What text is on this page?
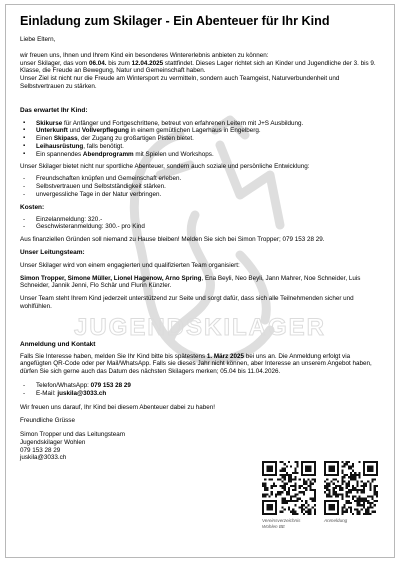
JUGENDSKILAGER
Einladung zum Skilager - Ein Abenteuer für Ihr Kind

Liebe Eltern,

wir freuen uns, Ihnen und Ihrem Kind ein besonderes Wintererlebnis anbieten zu können:

unser Skilager, das vom 06.04. bis zum 12.04.2025 stattfindet. Dieses Lager richtet sich an Kinder und Jugendliche der 3. bis 9. Klasse, die Freude an Bewegung, Natur und Gemeinschaft haben.

Unser Ziel ist nicht nur die Freude am Wintersport zu vermitteln, sondern auch Teamgeist, Naturverbundenheit und Selbstvertrauen zu stärken.

Das erwartet Ihr Kind:

▪ Skikurse für Anfänger und Fortgeschrittene, betreut von erfahrenen Leitern mit J+S Ausbildung.
▪ Unterkunft und Vollverpflegung in einem gemütlichen Lagerhaus in Engelberg.
▪ Einen Skipass, der Zugang zu großartigen Pisten bietet.
▪ Leihausrüstung, falls benötigt.
▪ Ein spannendes Abendprogramm mit Spielen und Workshops.

Unser Skilager bietet nicht nur sportliche Abenteuer, sondern auch soziale und persönliche Entwicklung:

- Freundschaften knüpfen und Gemeinschaft erleben.
- Selbstvertrauen und Selbstständigkeit stärken.
- unvergessliche Tage in der Natur verbringen.

Kosten:

- Einzelanmeldung: 320.-
- Geschwisteranmeldung: 300.- pro Kind

Aus finanziellen Gründen soll niemand zu Hause bleiben! Melden Sie sich bei Simon Tropper; 079 153 28 29.

Unser Leitungsteam:

Unser Skilager wird von einem engagierten und qualifizierten Team organisiert:

Simon Tropper, Simone Müller, Lionel Hagenow, Arno Spring, Ena Beyli, Neo Beyli, Jann Mahrer, Noe Schneider, Luis Schneider, Jannik Jenni, Flo Schär und Flurin Künzler.

Unser Team steht Ihrem Kind jederzeit unterstützend zur Seite und sorgt dafür, dass sich alle Teilnehmenden sicher und wohlfühlen.

Anmeldung und Kontakt

Falls Sie Interesse haben, melden Sie Ihr Kind bitte bis spätestens 1. März 2025 bei uns an. Die Anmeldung erfolgt via angefügten QR-Code oder per Mail/WhatsApp. Falls sie dieses Jahr nicht können, aber Interesse an unserem Angebot haben, dürfen Sie sich gerne auch das Datum des nächsten Skilagers merken; 05.04 bis 11.04.2026.

- Telefon/WhatsApp: 079 153 28 29
- E-Mail: juskila@3033.ch

Wir freuen uns darauf, Ihr Kind bei diesem Abenteuer dabei zu haben!

Freundliche Grüsse

Simon Tropper und das Leitungsteam

Jugendskilager Wohlen

079 153 28 29

juskila@3033.ch

Vereinsverzeichnis
Wohlen BE
Anmeldung
